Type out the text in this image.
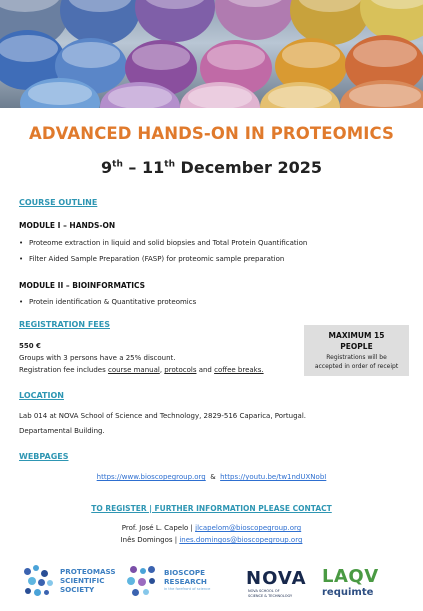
ADVANCED HANDS-ON IN PROTEOMICS
9th – 11th December 2025
COURSE OUTLINE
MODULE I – HANDS-ON
• Proteome extraction in liquid and solid biopsies and Total Protein Quantification
• Filter Aided Sample Preparation (FASP) for proteomic sample preparation
MODULE II – BIOINFORMATICS
• Protein identification & Quantitative proteomics
REGISTRATION FEES
550 €
Groups with 3 persons have a 25% discount.
Registration fee includes course manual, protocols and coffee breaks.
MAXIMUM 15
PEOPLE
Registrations will be
accepted in order of receipt
LOCATION
Lab 014 at NOVA School of Science and Technology, 2829-516 Caparica, Portugal.
Departamental Building.
WEBPAGES
https://www.bioscopegroup.org  &  https://youtu.be/tw1ndUXNobI
TO REGISTER | FURTHER INFORMATION PLEASE CONTACT
Prof. José L. Capelo | jlcapelom@bioscopegroup.org
Inês Domingos | ines.domingos@bioscopegroup.org
PROTEOMASS
SCIENTIFIC
SOCIETY
BIOSCOPE
RESEARCH
in the forefront of science NOVA
NOVA SCHOOL OF
SCIENCE & TECHNOLOGY
LAQV
requimte
